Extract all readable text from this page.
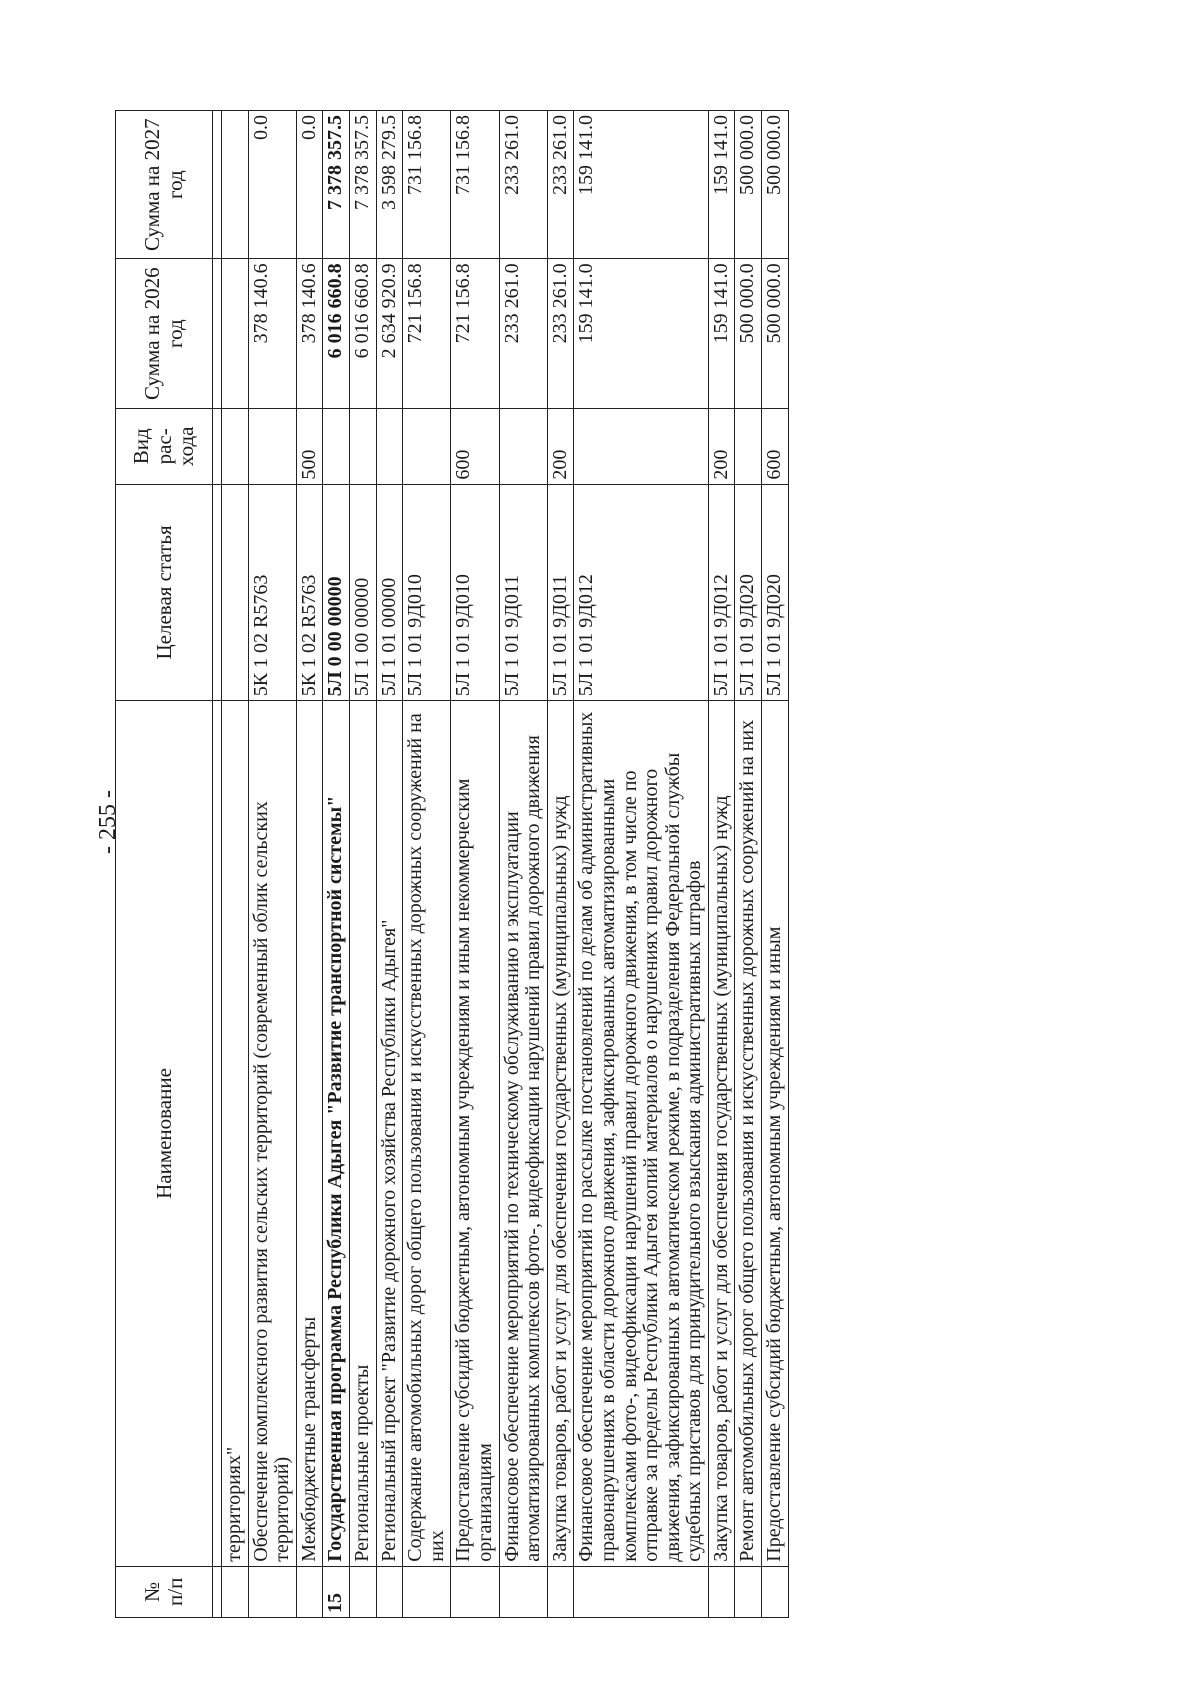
- 255 -
№ п/п	Наименование	Целевая статья	Вид рас-хода	Сумма на 2026 год	Сумма на 2027 год

	территориях"				
	Обеспечение комплексного развития сельских территорий (современный облик сельских территорий)	5К 1 02 R5763		378 140.6	0.0
	Межбюджетные трансферты	5К 1 02 R5763	500	378 140.6	0.0
15	Государственная программа Республики Адыгея "Развитие транспортной системы"	5Л 0 00 00000		6 016 660.8	7 378 357.5
	Региональные проекты	5Л 1 00 00000		6 016 660.8	7 378 357.5
	Региональный проект "Развитие дорожного хозяйства Республики Адыгея"	5Л 1 01 00000		2 634 920.9	3 598 279.5
	Содержание автомобильных дорог общего пользования и искусственных дорожных сооружений на них	5Л 1 01 9Д010		721 156.8	731 156.8
	Предоставление субсидий бюджетным, автономным учреждениям и иным некоммерческим организациям	5Л 1 01 9Д010	600	721 156.8	731 156.8
	Финансовое обеспечение мероприятий по техническому обслуживанию и эксплуатации автоматизированных комплексов фото-, видеофиксации нарушений правил дорожного движения	5Л 1 01 9Д011		233 261.0	233 261.0
	Закупка товаров, работ и услуг для обеспечения государственных (муниципальных) нужд	5Л 1 01 9Д011	200	233 261.0	233 261.0
	Финансовое обеспечение мероприятий по рассылке постановлений по делам об административных правонарушениях в области дорожного движения, зафиксированных автоматизированными комплексами фото-, видеофиксации нарушений правил дорожного движения, в том числе по отправке за пределы Республики Адыгея копий материалов о нарушениях правил дорожного движения, зафиксированных в автоматическом режиме, в подразделения Федеральной службы судебных приставов для принудительного взыскания административных штрафов	5Л 1 01 9Д012		159 141.0	159 141.0
	Закупка товаров, работ и услуг для обеспечения государственных (муниципальных) нужд	5Л 1 01 9Д012	200	159 141.0	159 141.0
	Ремонт автомобильных дорог общего пользования и искусственных дорожных сооружений на них	5Л 1 01 9Д020		500 000.0	500 000.0
	Предоставление субсидий бюджетным, автономным учреждениям и иным	5Л 1 01 9Д020	600	500 000.0	500 000.0
